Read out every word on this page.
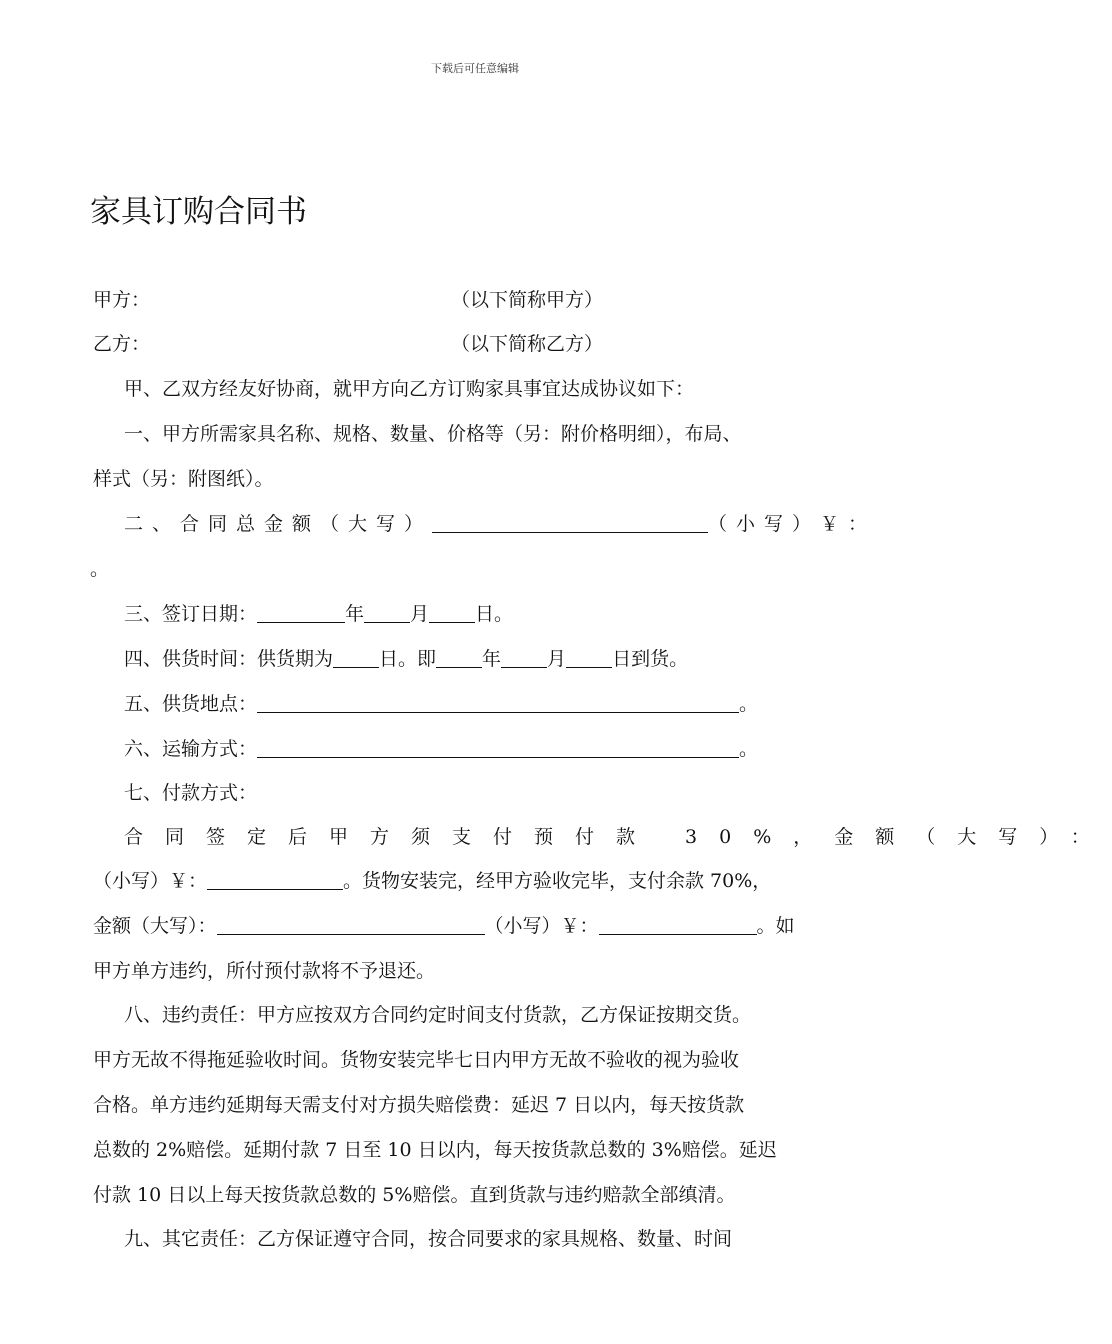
下载后可任意编辑
家具订购合同书
甲方：	（以下简称甲方）
乙方：	（以下简称乙方）
甲、乙双方经友好协商，就甲方向乙方订购家具事宜达成协议如下：
一、甲方所需家具名称、规格、数量、价格等（另：附价格明细），布局、
样式（另：附图纸）。
二、合同总金额（大写）	（小写）￥：
。
三、签订日期：	年 月 日。
四、供货时间：供货期为 日。即 年 月 日到货。
五、供货地点：	。
六、运输方式：	。
七、付款方式：
合同签定后甲方须支付预付款 30%，金额（大写）：
（小写）￥：	。货物安装完，经甲方验收完毕，支付余款 70%，
金额（大写）：	（小写）￥：	。如
甲方单方违约，所付预付款将不予退还。
八、违约责任：甲方应按双方合同约定时间支付货款，乙方保证按期交货。
甲方无故不得拖延验收时间。货物安装完毕七日内甲方无故不验收的视为验收
合格。单方违约延期每天需支付对方损失赔偿费：延迟 7 日以内，每天按货款
总数的 2%赔偿。延期付款 7 日至 10 日以内，每天按货款总数的 3%赔偿。延迟
付款 10 日以上每天按货款总数的 5%赔偿。直到货款与违约赔款全部缜清。
九、其它责任：乙方保证遵守合同，按合同要求的家具规格、数量、时间
